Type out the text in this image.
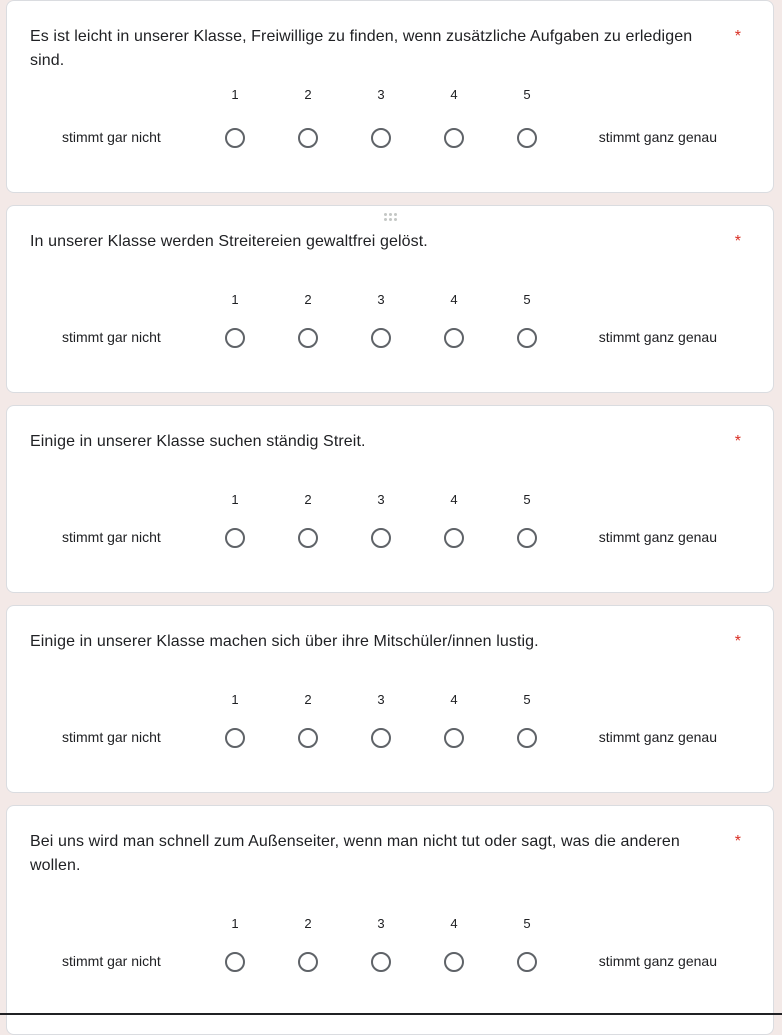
Es ist leicht in unserer Klasse, Freiwillige zu finden, wenn zusätzliche Aufgaben zu erledigen sind.
*
1	2	3	4	5
stimmt gar nicht	stimmt ganz genau
In unserer Klasse werden Streitereien gewaltfrei gelöst.	*
1	2	3	4	5
stimmt gar nicht	stimmt ganz genau
Einige in unserer Klasse suchen ständig Streit.	*
1	2	3	4	5
stimmt gar nicht	stimmt ganz genau
Einige in unserer Klasse machen sich über ihre Mitschüler/innen lustig.	*
1	2	3	4	5
stimmt gar nicht	stimmt ganz genau
Bei uns wird man schnell zum Außenseiter, wenn man nicht tut oder sagt, was die anderen wollen.
*
1	2	3	4	5
stimmt gar nicht	stimmt ganz genau
